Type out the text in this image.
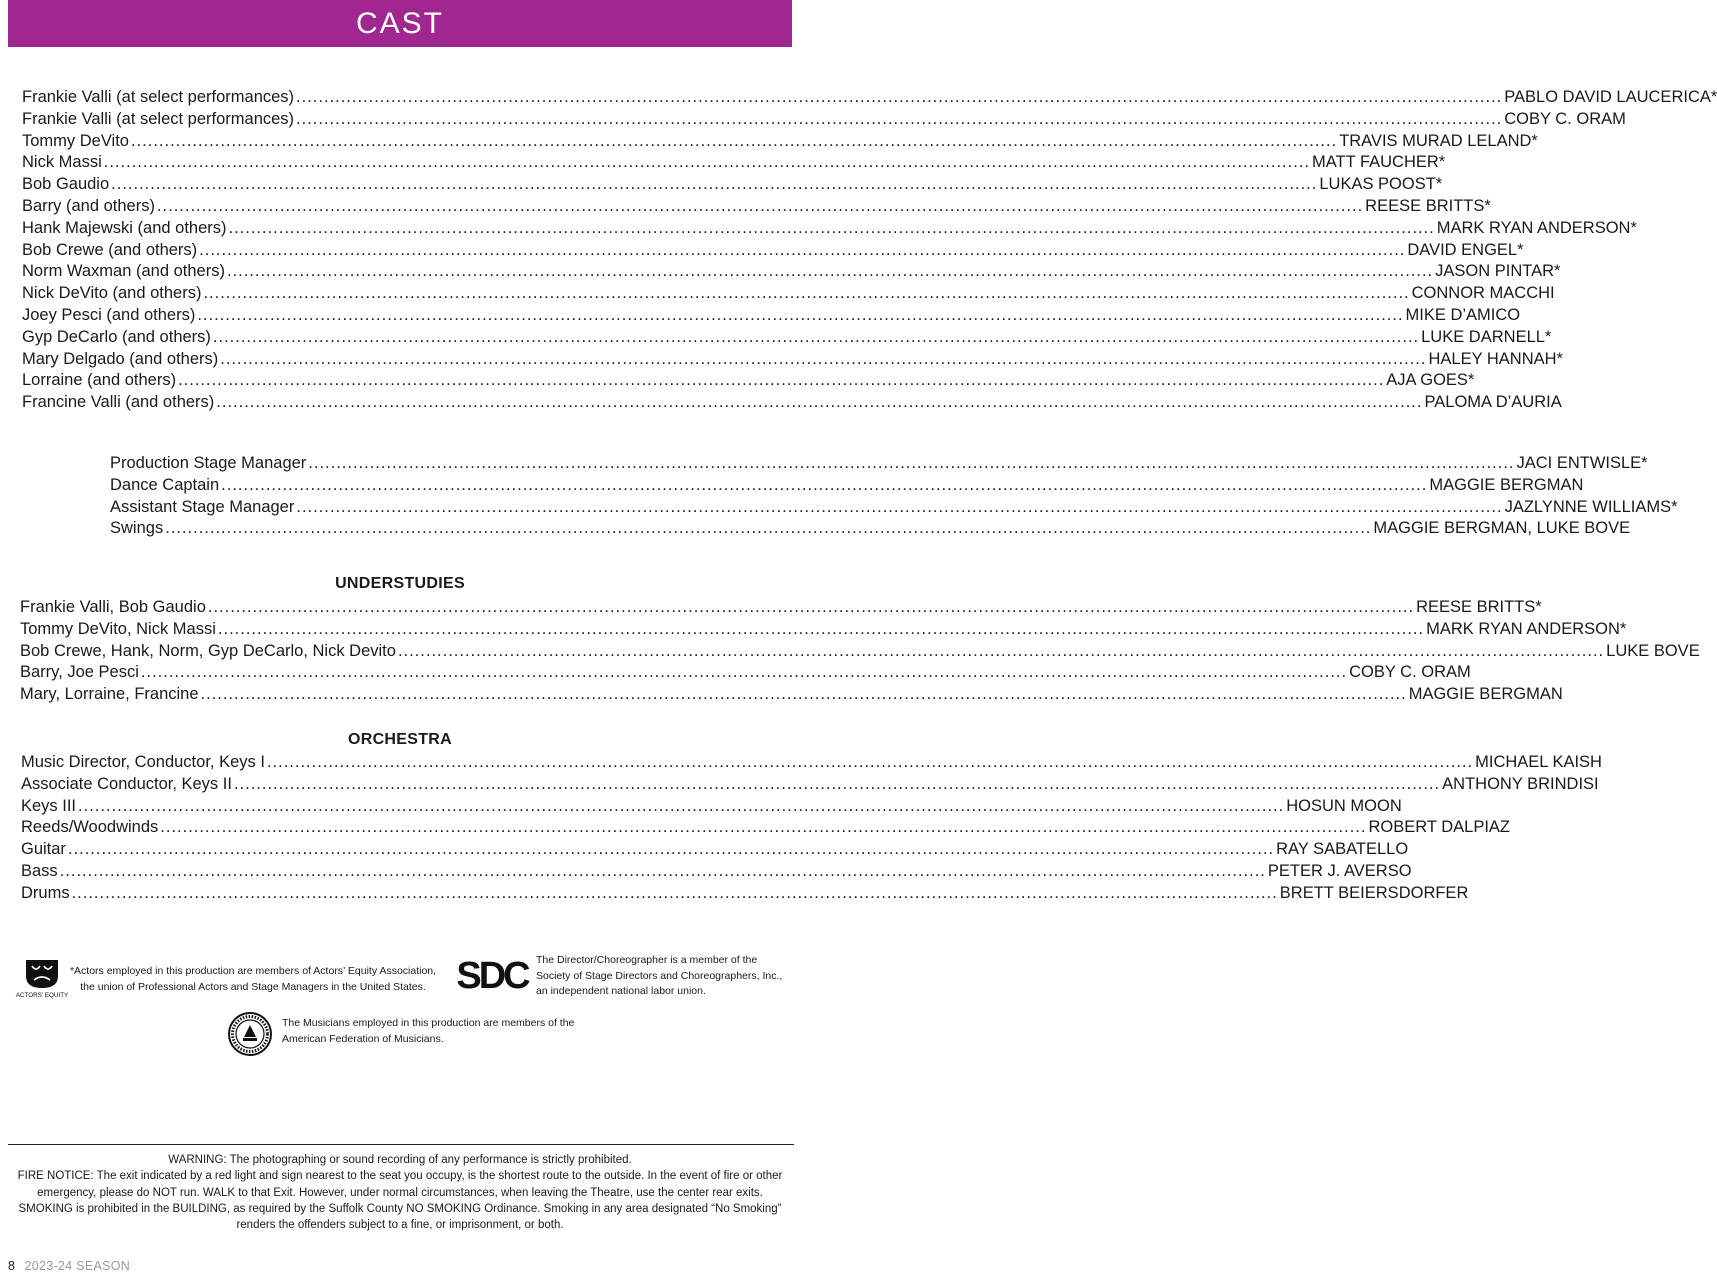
CAST
Frankie Valli (at select performances) .....	PABLO DAVID LAUCERICA*
Frankie Valli (at select performances) .....	COBY C. ORAM
Tommy DeVito .....	TRAVIS MURAD LELAND*
Nick Massi .....	MATT FAUCHER*
Bob Gaudio .....	LUKAS POOST*
Barry (and others) .....	REESE BRITTS*
Hank Majewski (and others) .....	MARK RYAN ANDERSON*
Bob Crewe (and others) .....	DAVID ENGEL*
Norm Waxman (and others) .....	JASON PINTAR*
Nick DeVito (and others) .....	CONNOR MACCHI
Joey Pesci (and others) .....	MIKE D’AMICO
Gyp DeCarlo (and others) .....	LUKE DARNELL*
Mary Delgado (and others) .....	HALEY HANNAH*
Lorraine (and others) .....	AJA GOES*
Francine Valli (and others) .....	PALOMA D’AURIA
Production Stage Manager .....	JACI ENTWISLE*
Dance Captain .....	MAGGIE BERGMAN
Assistant Stage Manager .....	JAZLYNNE WILLIAMS*
Swings .....	MAGGIE BERGMAN, LUKE BOVE
UNDERSTUDIES
Frankie Valli, Bob Gaudio .....	REESE BRITTS*
Tommy DeVito, Nick Massi .....	MARK RYAN ANDERSON*
Bob Crewe, Hank, Norm, Gyp DeCarlo, Nick Devito .....	LUKE BOVE
Barry, Joe Pesci .....	COBY C. ORAM
Mary, Lorraine, Francine .....	MAGGIE BERGMAN
ORCHESTRA
Music Director, Conductor, Keys I .....	MICHAEL KAISH
Associate Conductor, Keys II .....	ANTHONY BRINDISI
Keys III .....	HOSUN MOON
Reeds/Woodwinds .....	ROBERT DALPIAZ
Guitar .....	RAY SABATELLO
Bass .....	PETER J. AVERSO
Drums .....	BRETT BEIERSDORFER
ACTORS' EQUITY
*Actors employed in this production are members of Actors’ Equity Association,
the union of Professional Actors and Stage Managers in the United States. SDC The Director/Choreographer is a member of the
Society of Stage Directors and Choreographers, Inc.,
an independent national labor union.
The Musicians employed in this production are members of the
American Federation of Musicians.
WARNING: The photographing or sound recording of any performance is strictly prohibited.
FIRE NOTICE: The exit indicated by a red light and sign nearest to the seat you occupy, is the shortest route to the outside. In the event of fire or other emergency, please do NOT run. WALK to that Exit. However, under normal circumstances, when leaving the Theatre, use the center rear exits. SMOKING is prohibited in the BUILDING, as required by the Suffolk County NO SMOKING Ordinance. Smoking in any area designated “No Smoking” renders the offenders subject to a fine, or imprisonment, or both.
8 2023-24 SEASON
